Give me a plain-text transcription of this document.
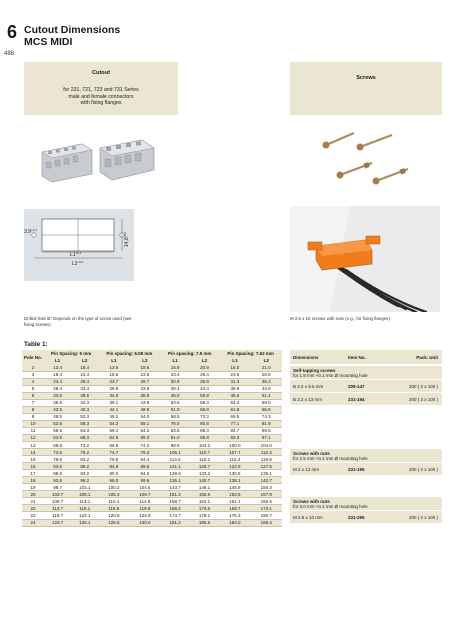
6
488
Cutout Dimensions
MCS MIDI
Cutout
for 231, 721, 723 and 731 Series
male and female connectors
with fixing flanges
Screws
$3,9^{+0,1}$
$L1^{+0,1}$
$L2^{+0,1}$
$14,8^{+0,1}$
Drilled hole Ø: Depends on the type of screw used (see
fixing screws).
M 2.5 x 10 screws with nuts (e.g., for fixing flanges)
Table 1:
Pole No.	Pin Spacing: 5 mm		Pin spacing: 5.08 mm		Pin spacing: 7.5 mm		Pin Spacing: 7.62 mm	
	L1	L2	L1	L2	L1	L2	L1	L2
2	13.4	18.4	13.6	18.6	15.9	20.9	16.0	21.0
3	18.4	23.4	18.6	23.6	23.4	28.4	23.6	28.6
4	23.4	28.4	23.7	28.7	30.9	35.9	31.3	36.3
5	28.4	33.4	28.8	33.8	38.4	43.4	38.9	43.9
6	33.5	38.5	34.0	38.8	46.0	50.8	46.6	51.4
7	38.5	43.3	39.1	43.9	53.5	58.3	54.2	59.0
8	43.5	48.3	44.1	48.9	61.0	65.8	61.8	66.6
9	48.5	53.3	49.2	54.0	68.5	73.3	69.5	74.3
10	53.5	58.3	54.3	59.1	76.0	80.8	77.1	81.9
11	58.5	63.3	59.4	64.2	83.5	88.3	84.7	89.5
12	63.5	68.3	64.5	69.3	91.0	95.8	92.3	97.1
13	68.6	73.2	69.6	74.2	98.6	103.2	100.0	104.6
14	73.6	78.2	74.7	79.3	106.1	110.7	107.7	112.3
15	78.6	83.2	79.8	84.4	113.6	118.2	115.3	119.9
16	83.6	88.2	84.9	89.5	121.1	125.7	122.9	127.5
17	88.6	93.2	90.0	94.6	128.6	133.2	130.5	135.1
18	93.6	98.2	95.0	99.6	136.1	140.7	138.1	142.7
19	98.7	103.1	100.2	104.6	143.7	148.1	145.9	150.3
20	103.7	108.1	105.3	109.7	151.2	155.6	153.5	157.9
21	108.7	113.1	110.4	114.8	158.7	163.1	161.1	165.5
22	113.7	118.1	115.5	119.9	166.2	170.6	168.7	173.1
23	118.7	123.1	120.5	124.9	173.7	178.1	176.3	180.7
24	123.7	128.1	125.6	130.0	181.2	185.6	184.0	188.4
Dimensions	Item No.	Pack. Unit
Self-tapping screws
for 1.8 mm +0.1 mm Ø mounting hole
B 2.2 x 9.5 mm	209-147	200 ( 2 x 100 )
B 2.2 x 13 mm	231-194	200 ( 2 x 100 )
Screws with nuts
for 2.5 mm +0.1 mm Ø mounting hole
M 2 x 12 mm	231-195	200 ( 2 x 100 )
Screws with nuts
for 3.0 mm +0.1 mm Ø mounting hole
M 2.5 x 10 mm	231-295	200 ( 2 x 100 )
